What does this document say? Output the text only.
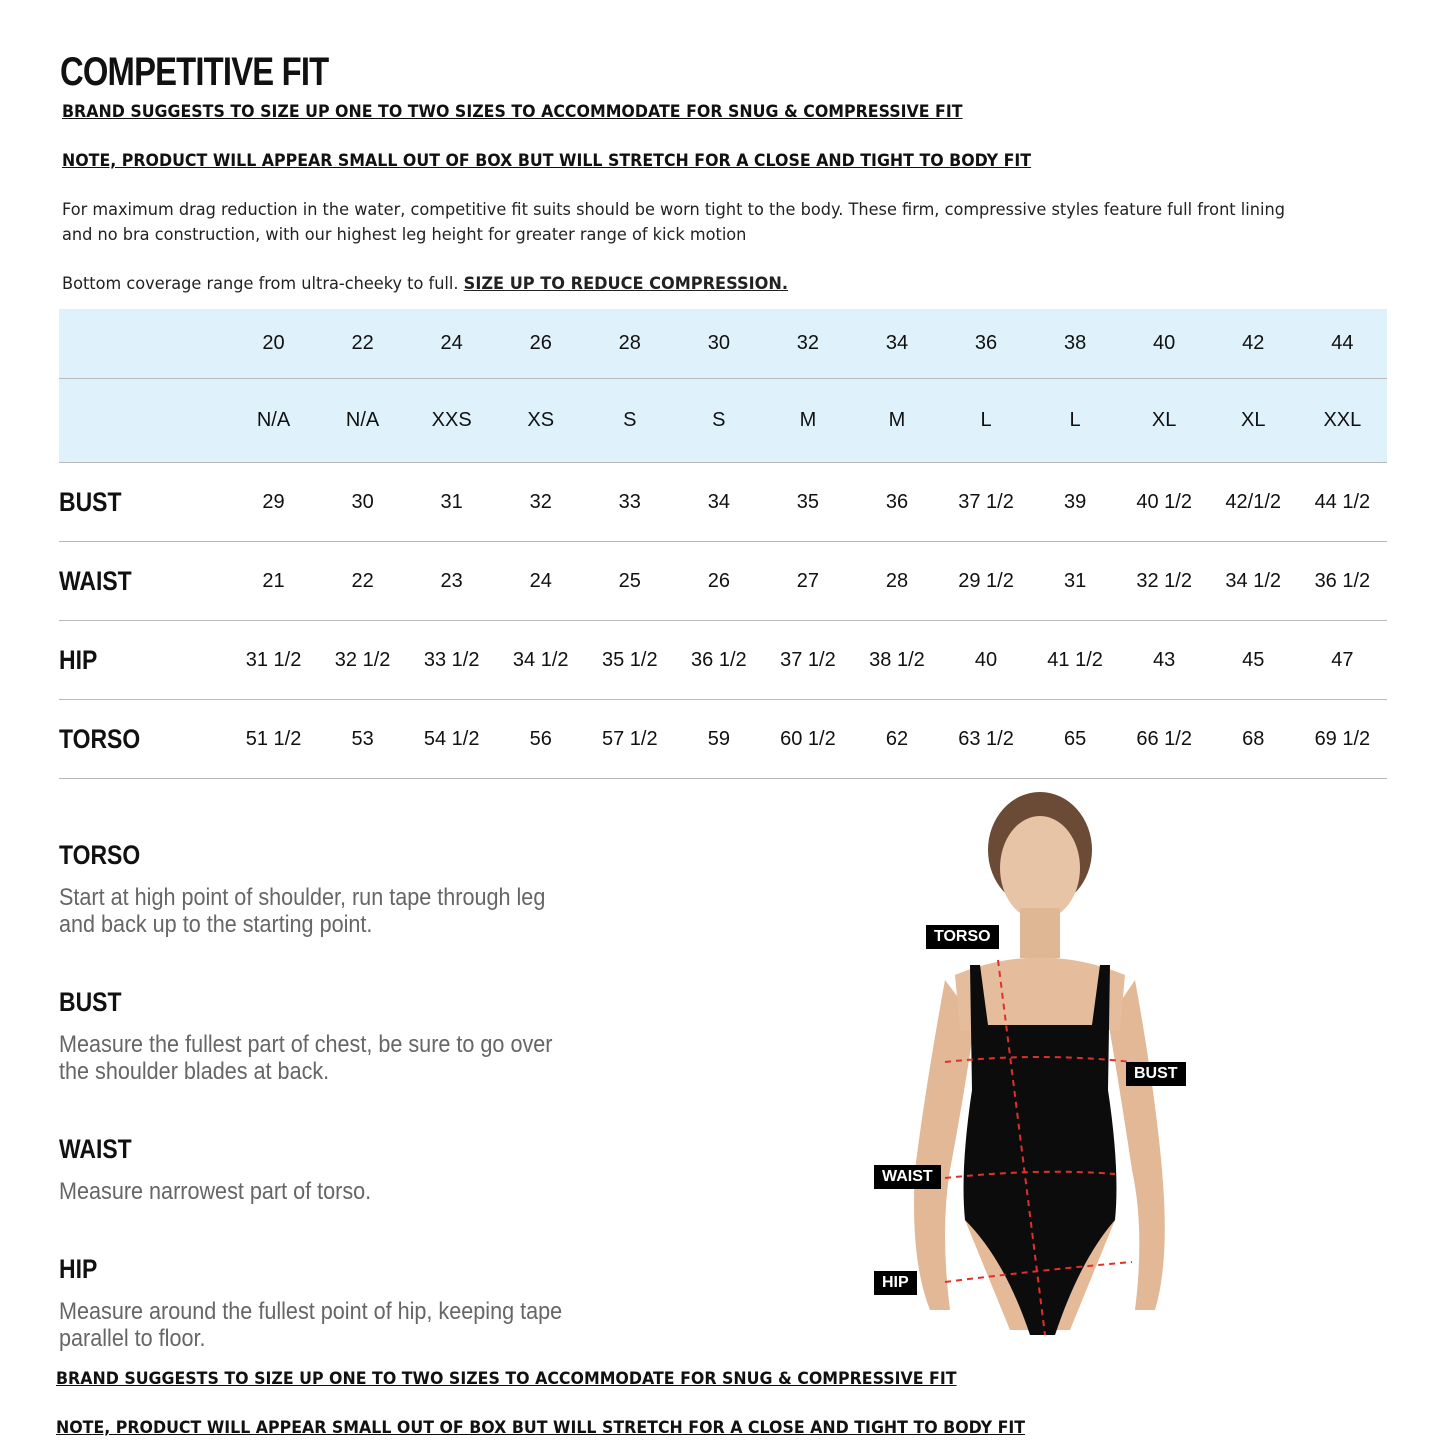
COMPETITIVE FIT
BRAND SUGGESTS TO SIZE UP ONE TO TWO SIZES TO ACCOMMODATE FOR SNUG & COMPRESSIVE FIT
NOTE, PRODUCT WILL APPEAR SMALL OUT OF BOX BUT WILL STRETCH FOR A CLOSE AND TIGHT TO BODY FIT
For maximum drag reduction in the water, competitive fit suits should be worn tight to the body. These firm, compressive styles feature full front lining and no bra construction, with our highest leg height for greater range of kick motion
Bottom coverage range from ultra-cheeky to full. SIZE UP TO REDUCE COMPRESSION.
	20	22	24	26	28	30	32	34	36	38	40	42	44
	N/A	N/A	XXS	XS	S	S	M	M	L	L	XL	XL	XXL
BUST	29	30	31	32	33	34	35	36	37 1/2	39	40 1/2	42/1/2	44 1/2
WAIST	21	22	23	24	25	26	27	28	29 1/2	31	32 1/2	34 1/2	36 1/2
HIP	31 1/2	32 1/2	33 1/2	34 1/2	35 1/2	36 1/2	37 1/2	38 1/2	40	41 1/2	43	45	47
TORSO	51 1/2	53	54 1/2	56	57 1/2	59	60 1/2	62	63 1/2	65	66 1/2	68	69 1/2
TORSO

Start at high point of shoulder, run tape through leg and back up to the starting point.

BUST

Measure the fullest part of chest, be sure to go over the shoulder blades at back.

WAIST

Measure narrowest part of torso.

HIP

Measure around the fullest point of hip, keeping tape parallel to floor.

TORSO
BUST
WAIST
HIP
BRAND SUGGESTS TO SIZE UP ONE TO TWO SIZES TO ACCOMMODATE FOR SNUG & COMPRESSIVE FIT
NOTE, PRODUCT WILL APPEAR SMALL OUT OF BOX BUT WILL STRETCH FOR A CLOSE AND TIGHT TO BODY FIT
